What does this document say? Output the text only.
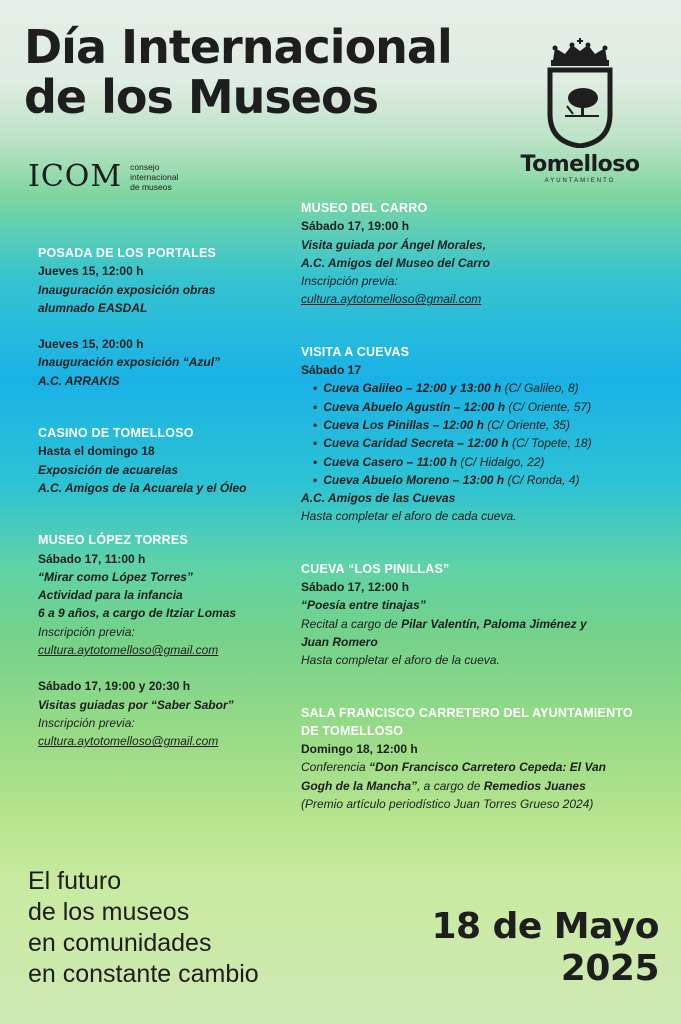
Día Internacional
de los Museos
ICOM consejo
internacional
de museos
Tomelloso
AYUNTAMIENTO
POSADA DE LOS PORTALES
Jueves 15, 12:00 h
Inauguración exposición obras
alumnado EASDAL
Jueves 15, 20:00 h
Inauguración exposición “Azul”
A.C. ARRAKIS
CASINO DE TOMELLOSO
Hasta el domingo 18
Exposición de acuarelas
A.C. Amigos de la Acuarela y el Óleo
MUSEO LÓPEZ TORRES
Sábado 17, 11:00 h
“Mirar como López Torres”
Actividad para la infancia
6 a 9 años, a cargo de Itziar Lomas
Inscripción previa:
cultura.aytotomelloso@gmail.com
Sábado 17, 19:00 y 20:30 h
Visitas guiadas por “Saber Sabor”
Inscripción previa:
cultura.aytotomelloso@gmail.com
MUSEO DEL CARRO
Sábado 17, 19:00 h
Visita guiada por Ángel Morales,
A.C. Amigos del Museo del Carro
Inscripción previa:
cultura.aytotomelloso@gmail.com
VISITA A CUEVAS
Sábado 17
• Cueva Galileo – 12:00 y 13:00 h (C/ Galileo, 8)
• Cueva Abuelo Agustín – 12:00 h (C/ Oriente, 57)
• Cueva Los Pinillas – 12:00 h (C/ Oriente, 35)
• Cueva Caridad Secreta – 12:00 h (C/ Topete, 18)
• Cueva Casero – 11:00 h (C/ Hidalgo, 22)
• Cueva Abuelo Moreno – 13:00 h (C/ Ronda, 4)
A.C. Amigos de las Cuevas
Hasta completar el aforo de cada cueva.
CUEVA “LOS PINILLAS”
Sábado 17, 12:00 h
“Poesía entre tinajas”
Recital a cargo de Pilar Valentín, Paloma Jiménez y
Juan Romero
Hasta completar el aforo de la cueva.
SALA FRANCISCO CARRETERO DEL AYUNTAMIENTO
DE TOMELLOSO
Domingo 18, 12:00 h
Conferencia “Don Francisco Carretero Cepeda: El Van
Gogh de la Mancha”, a cargo de Remedios Juanes
(Premio artículo periodístico Juan Torres Grueso 2024)
El futuro
de los museos
en comunidades
en constante cambio
18 de Mayo
2025
